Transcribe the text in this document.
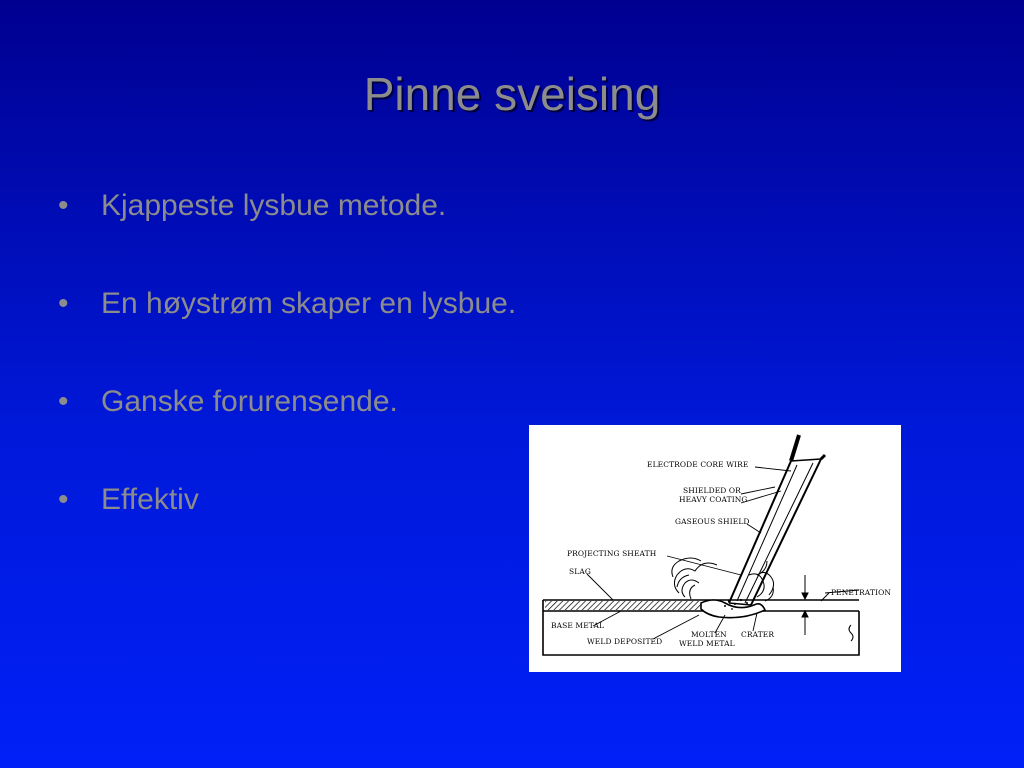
Pinne sveising
• Kjappeste lysbue metode.
• En høystrøm skaper en lysbue.
• Ganske forurensende.
• Effektiv
ELECTRODE CORE WIRE
SHIELDED OR
HEAVY COATING
GASEOUS SHIELD
PROJECTING SHEATH
SLAG
PENETRATION
BASE METAL
MOLTEN
WELD METAL
CRATER
WELD DEPOSITED
